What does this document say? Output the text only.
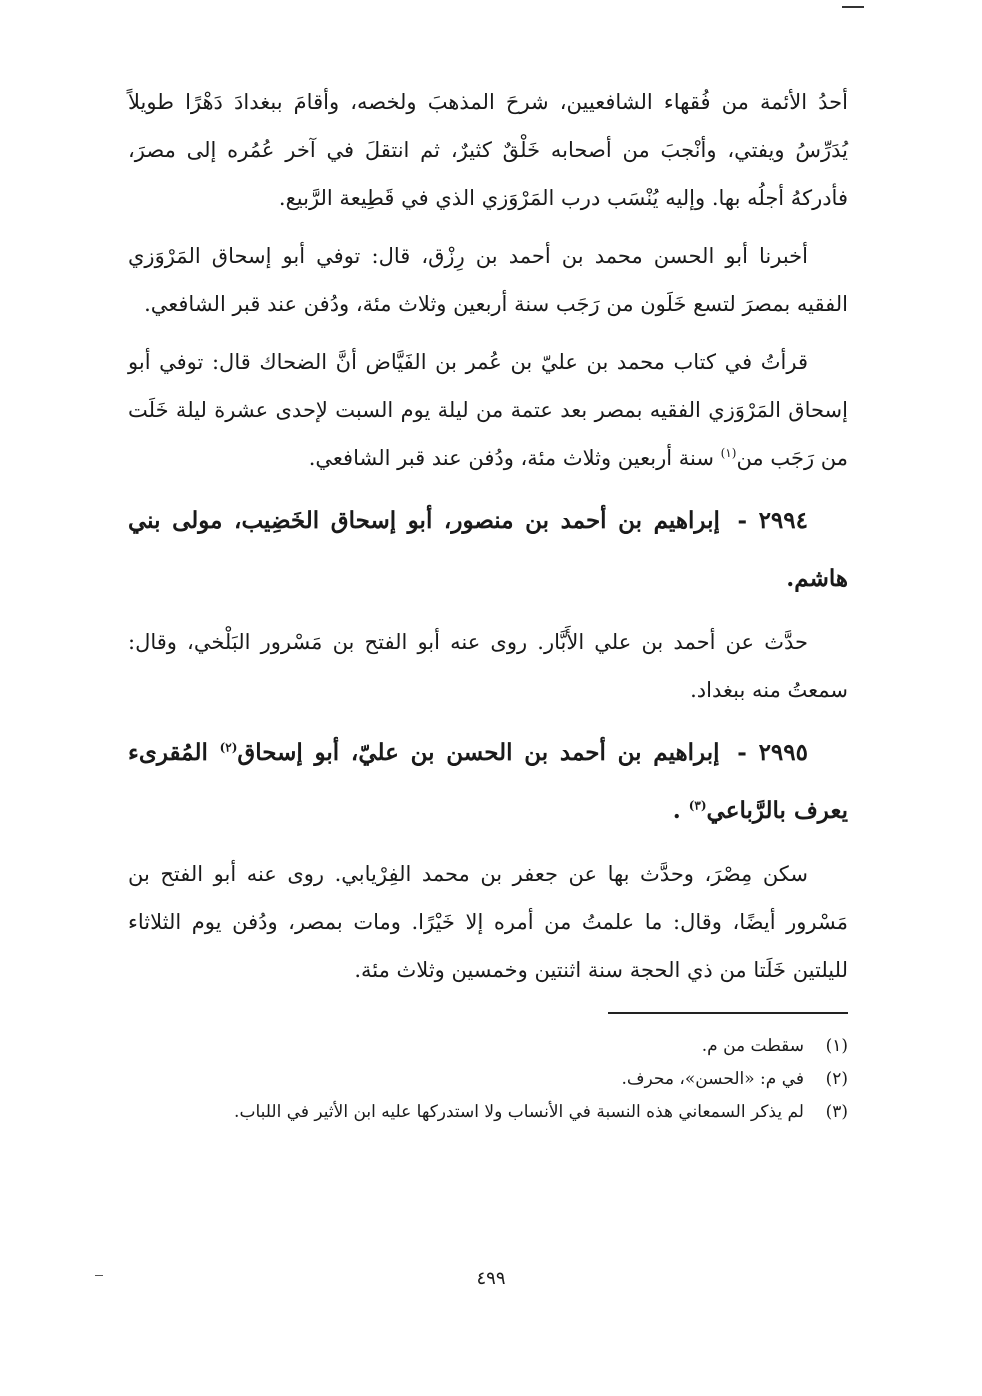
أحدُ الأئمة من فُقهاء الشافعيين، شرحَ المذهبَ ولخصه، وأقامَ ببغدادَ دَهْرًا طويلاً يُدَرِّسُ ويفتي، وأنْجبَ من أصحابه خَلْقٌ كثيرٌ، ثم انتقلَ في آخر عُمُره إلى مصرَ، فأدركهُ أجلُه بها. وإليه يُنْسَب درب المَرْوَزي الذي في قَطِيعة الرَّبيع.

أخبرنا أبو الحسن محمد بن أحمد بن رِزْق، قال: توفي أبو إسحاق المَرْوَزي الفقيه بمصرَ لتسع خَلَون من رَجَب سنة أربعين وثلاث مئة، ودُفن عند قبر الشافعي.

قرأتُ في كتاب محمد بن عليّ بن عُمر بن الفَيَّاض أنَّ الضحاك قال: توفي أبو إسحاق المَرْوَزي الفقيه بمصر بعد عتمة من ليلة يوم السبت لإحدى عشرة ليلة خَلَت من رَجَب من$^{(١)}$ سنة أربعين وثلاث مئة، ودُفن عند قبر الشافعي.

٢٩٩٤ - إبراهيم بن أحمد بن منصور، أبو إسحاق الخَضِيب، مولى بني هاشم.

حدَّث عن أحمد بن علي الأَبَّار. روى عنه أبو الفتح بن مَسْرور البَلْخي، وقال: سمعتُ منه ببغداد.

٢٩٩٥ - إبراهيم بن أحمد بن الحسن بن عليّ، أبو إسحاق$^{(٢)}$ المُقرىء يعرف بالرَّباعي$^{(٣)}$ .

سكن مِصْرَ، وحدَّث بها عن جعفر بن محمد الفِرْيابي. روى عنه أبو الفتح بن مَسْرور أيضًا، وقال: ما علمتُ من أمره إلا خَيْرًا. ومات بمصر، ودُفن يوم الثلاثاء لليلتين خَلَتا من ذي الحجة سنة اثنتين وخمسين وثلاث مئة.

(١)
سقطت من م.
(٢)
في م: «الحسن»، محرف.
(٣)
لم يذكر السمعاني هذه النسبة في الأنساب ولا استدركها عليه ابن الأثير في اللباب.
٤٩٩
